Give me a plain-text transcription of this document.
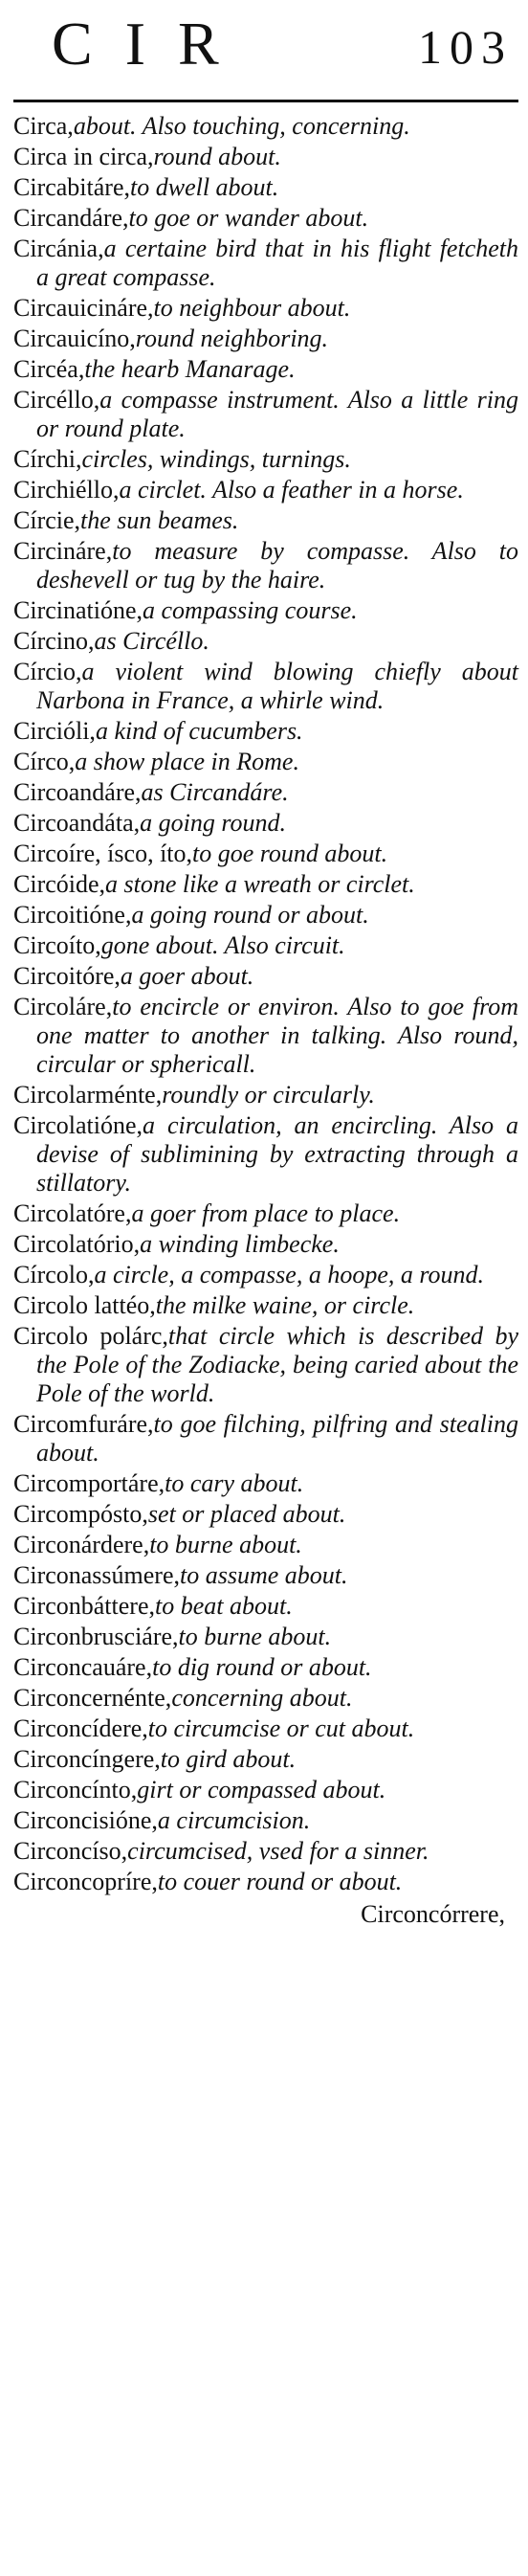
CIR	103

Circa,about. Also touching, concerning.

Circa in circa,round about.

Circabitáre,to dwell about.

Circandáre,to goe or wander about.

Circánia,a certaine bird that in his flight fetcheth a great compasse.

Circauicináre,to neighbour about.

Circauicíno,round neighboring.

Circéa,the hearb Manarage.

Circéllo,a compasse instrument. Also a little ring or round plate.

Círchi,circles, windings, turnings.

Circhiéllo,a circlet. Also a feather in a horse.

Círcie,the sun beames.

Circináre,to measure by compasse. Also to deshevell or tug by the haire.

Circinatióne,a compassing course.

Círcino,as Circéllo.

Círcio,a violent wind blowing chiefly about Narbona in France, a whirle wind.

Circióli,a kind of cucumbers.

Círco,a show place in Rome.

Circoandáre,as Circandáre.

Circoandáta,a going round.

Circoíre, ísco, íto,to goe round about.

Circóide,a stone like a wreath or circlet.

Circoitióne,a going round or about.

Circoíto,gone about. Also circuit.

Circoitóre,a goer about.

Circoláre,to encircle or environ. Also to goe from one matter to another in talking. Also round, circular or sphericall.

Circolarménte,roundly or circularly.

Circolatióne,a circulation, an encircling. Also a devise of sublimining by extracting through a stillatory.

Circolatóre,a goer from place to place.

Circolatório,a winding limbecke.

Círcolo,a circle, a compasse, a hoope, a round.

Circolo lattéo,the milke waine, or circle.

Circolo polárc,that circle which is described by the Pole of the Zodiacke, being caried about the Pole of the world.

Circomfuráre,to goe filching, pilfring and stealing about.

Circomportáre,to cary about.

Circompósto,set or placed about.

Circonárdere,to burne about.

Circonassúmere,to assume about.

Circonbáttere,to beat about.

Circonbrusciáre,to burne about.

Circoncauáre,to dig round or about.

Circoncernénte,concerning about.

Circoncídere,to circumcise or cut about.

Circoncíngere,to gird about.

Circoncínto,girt or compassed about.

Circoncisióne,a circumcision.

Circoncíso,circumcised, vsed for a sinner.

Circoncopríre,to couer round or about.

Circoncórrere,
